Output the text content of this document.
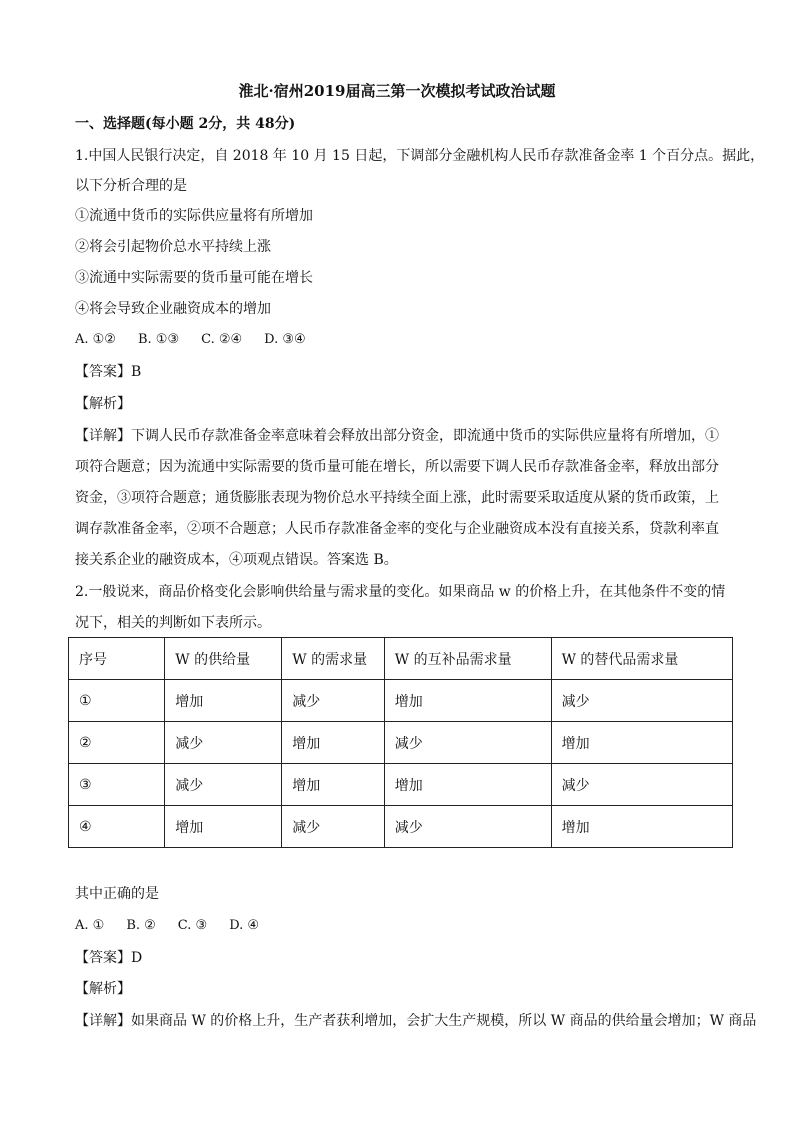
淮北·宿州2019届高三第一次模拟考试政治试题
一、选择题(每小题 2分，共 48分)
1.中国人民银行决定，自 2018 年 10 月 15 日起，下调部分金融机构人民币存款准备金率 1 个百分点。据此，
以下分析合理的是
①流通中货币的实际供应量将有所增加
②将会引起物价总水平持续上涨
③流通中实际需要的货币量可能在增长
④将会导致企业融资成本的增加
A. ①② B. ①③ C. ②④ D. ③④
【答案】B
【解析】
【详解】下调人民币存款准备金率意味着会释放出部分资金，即流通中货币的实际供应量将有所增加，①
项符合题意；因为流通中实际需要的货币量可能在增长，所以需要下调人民币存款准备金率，释放出部分
资金，③项符合题意；通货膨胀表现为物价总水平持续全面上涨，此时需要采取适度从紧的货币政策，上
调存款准备金率，②项不合题意；人民币存款准备金率的变化与企业融资成本没有直接关系，贷款利率直
接关系企业的融资成本，④项观点错误。答案选 B。
2.一般说来，商品价格变化会影响供给量与需求量的变化。如果商品 w 的价格上升，在其他条件不变的情
况下，相关的判断如下表所示。
序号	W 的供给量	W 的需求量	W 的互补品需求量	W 的替代品需求量
①	增加	减少	增加	减少
②	减少	增加	减少	增加
③	减少	增加	增加	减少
④	增加	减少	减少	增加
其中正确的是
A. ① B. ② C. ③ D. ④
【答案】D
【解析】
【详解】如果商品 W 的价格上升，生产者获利增加，会扩大生产规模，所以 W 商品的供给量会增加；W 商品
